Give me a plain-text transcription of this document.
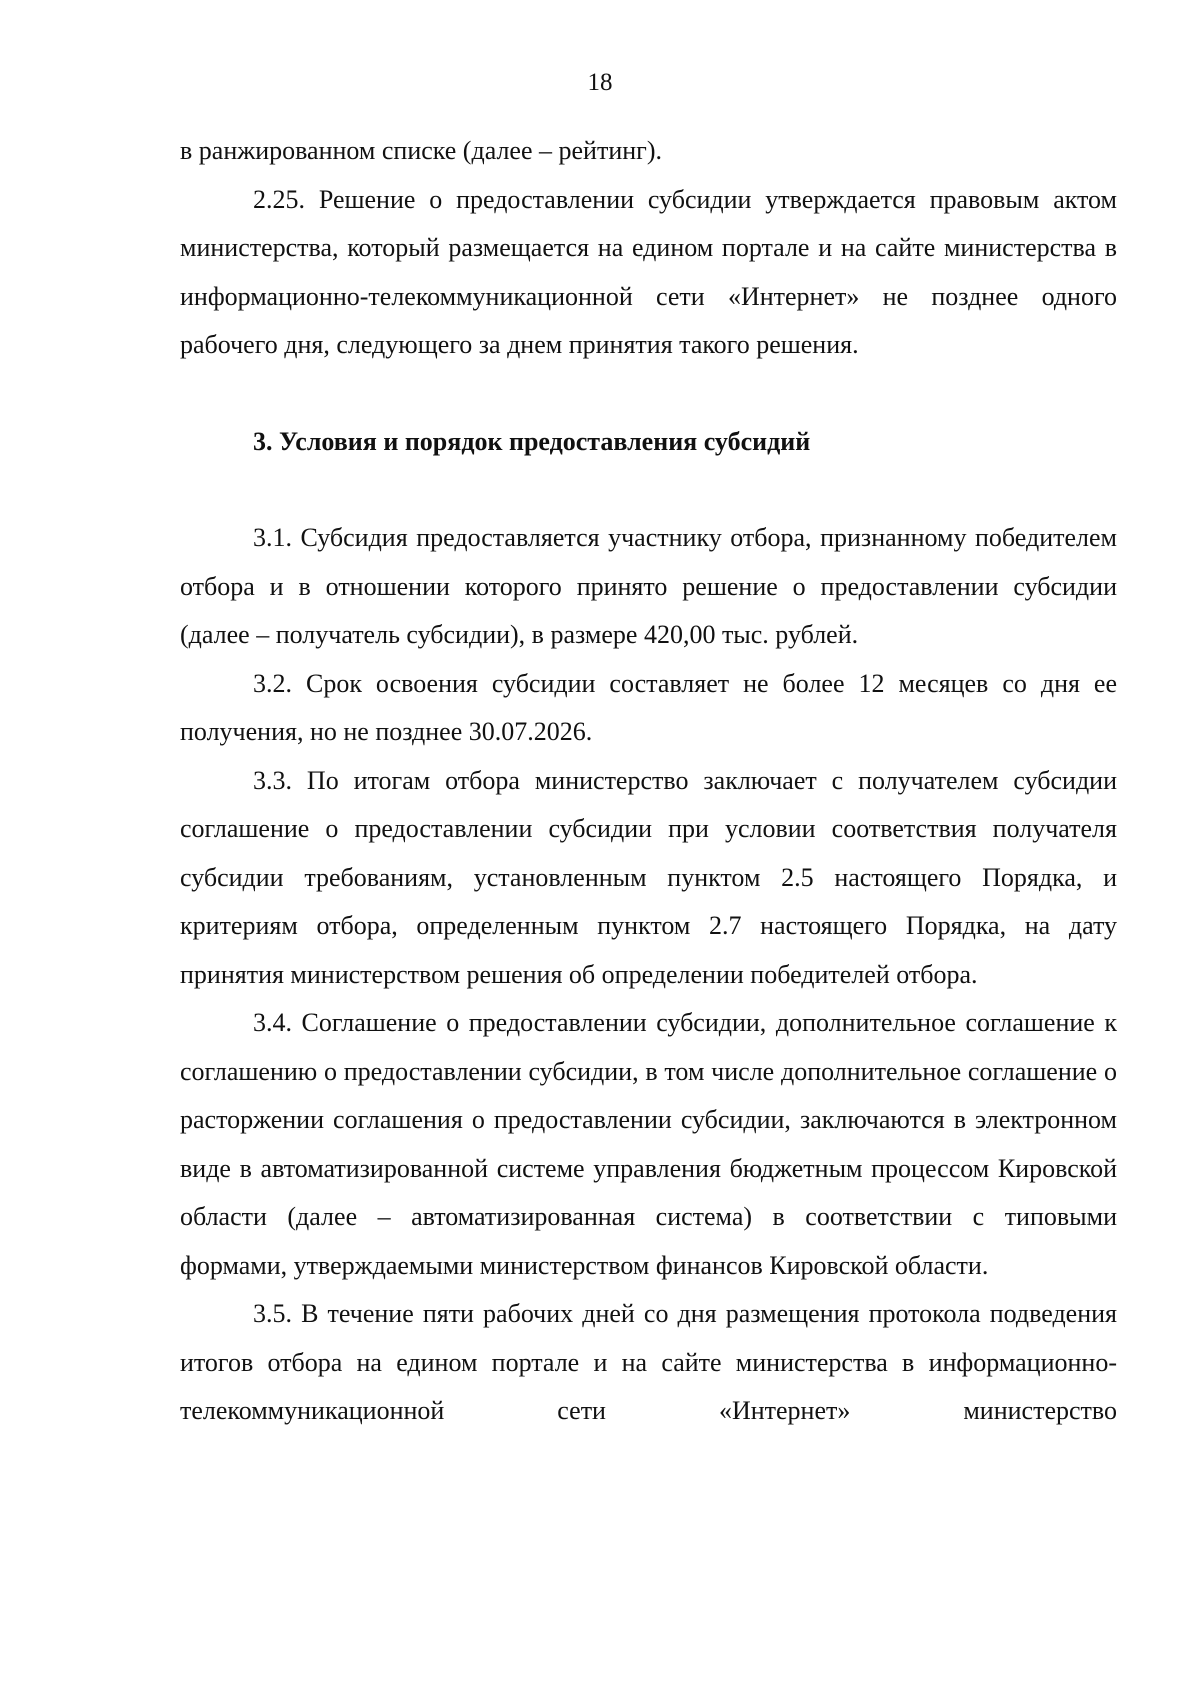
18

в ранжированном списке (далее – рейтинг).

2.25. Решение о предоставлении субсидии утверждается правовым актом министерства, который размещается на едином портале и на сайте министерства в информационно-телекоммуникационной сети «Интернет» не позднее одного рабочего дня, следующего за днем принятия такого решения.

3. Условия и порядок предоставления субсидий

3.1. Субсидия предоставляется участнику отбора, признанному победителем отбора и в отношении которого принято решение о предоставлении субсидии (далее – получатель субсидии), в размере 420,00 тыс. рублей.

3.2. Срок освоения субсидии составляет не более 12 месяцев со дня ее получения, но не позднее 30.07.2026.

3.3. По итогам отбора министерство заключает с получателем субсидии соглашение о предоставлении субсидии при условии соответствия получателя субсидии требованиям, установленным пунктом 2.5 настоящего Порядка, и критериям отбора, определенным пунктом 2.7 настоящего Порядка, на дату принятия министерством решения об определении победителей отбора.

3.4. Соглашение о предоставлении субсидии, дополнительное соглашение к соглашению о предоставлении субсидии, в том числе дополнительное соглашение о расторжении соглашения о предоставлении субсидии, заключаются в электронном виде в автоматизированной системе управления бюджетным процессом Кировской области (далее – автоматизированная система) в соответствии с типовыми формами, утверждаемыми министерством финансов Кировской области.

3.5. В течение пяти рабочих дней со дня размещения протокола подведения итогов отбора на едином портале и на сайте министерства в информационно-телекоммуникационной сети «Интернет» министерство
